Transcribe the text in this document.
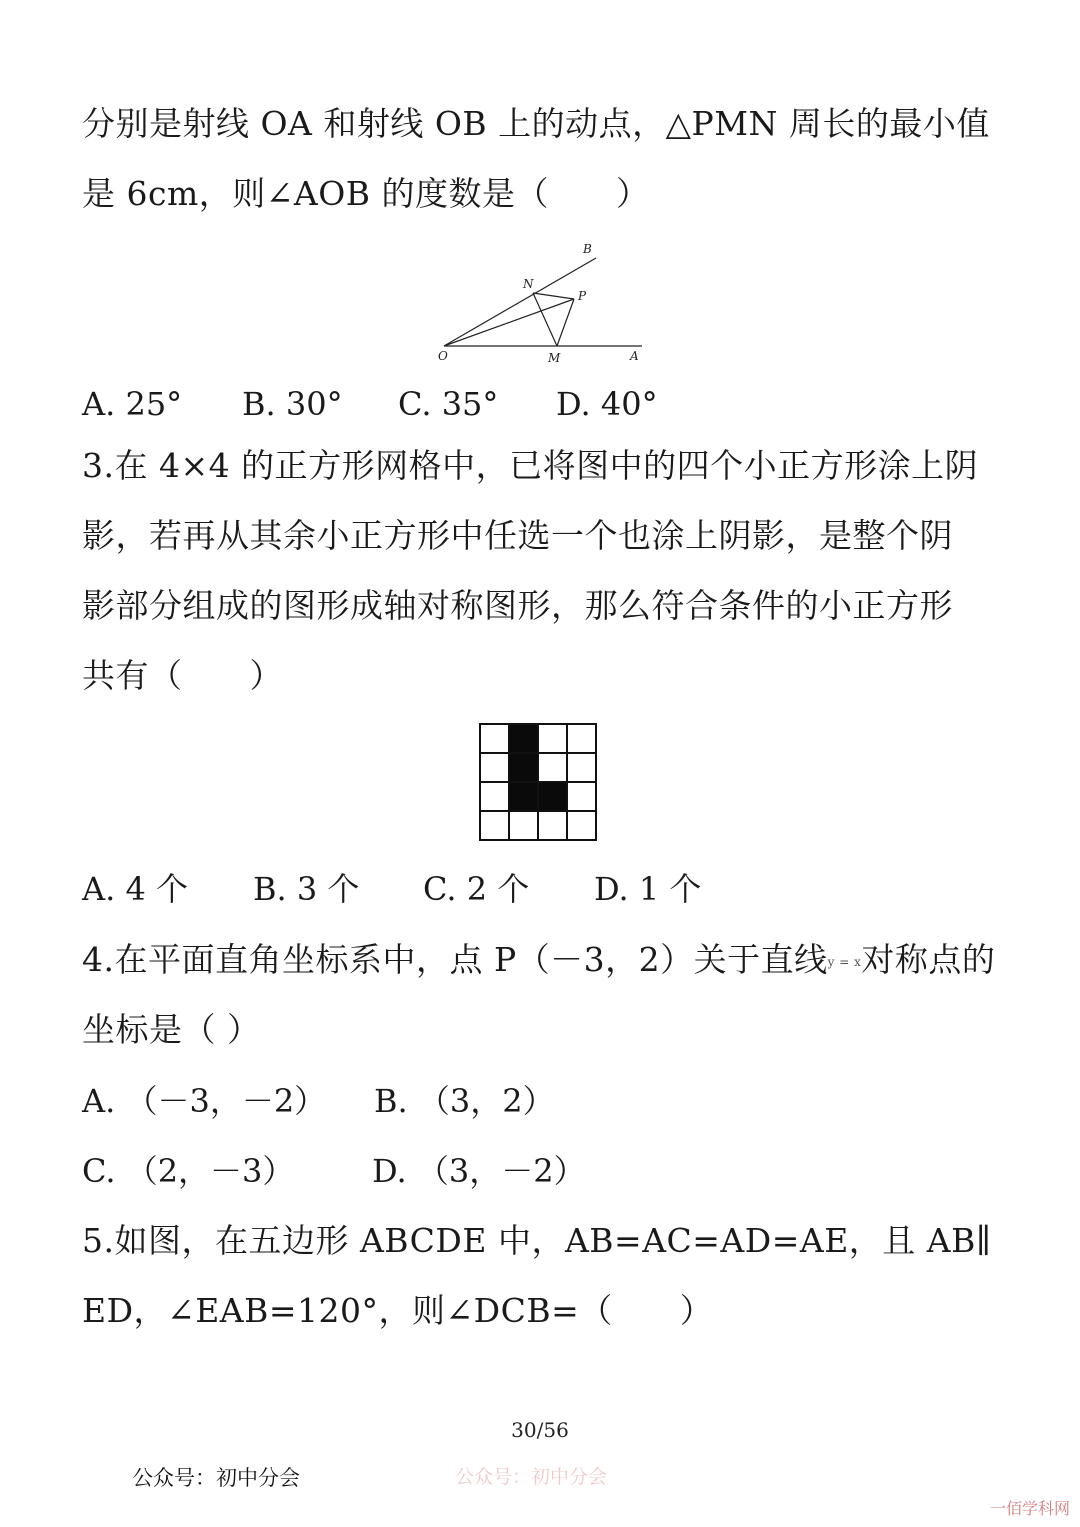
分别是射线 OA 和射线 OB 上的动点，△PMN 周长的最小值
是 6cm，则∠AOB 的度数是（　　）
O	A
B
N
P
M
A. 25° B. 30° C. 35° D. 40°
3.在 4×4 的正方形网格中，已将图中的四个小正方形涂上阴
影，若再从其余小正方形中任选一个也涂上阴影，是整个阴
影部分组成的图形成轴对称图形，那么符合条件的小正方形
共有（　　）
A. 4 个 B. 3 个 C. 2 个 D. 1 个
4.在平面直角坐标系中，点 P（－3，2）关于直线y = x对称点的
坐标是（ ）
A. （－3，－2） B. （3，2）
C. （2，－3） D. （3，－2）
5.如图，在五边形 ABCDE 中，AB=AC=AD=AE，且 AB∥
ED，∠EAB=120°，则∠DCB=（　　）
30/56
公众号：初中分会	公众号：初中分会
一佰学科网
